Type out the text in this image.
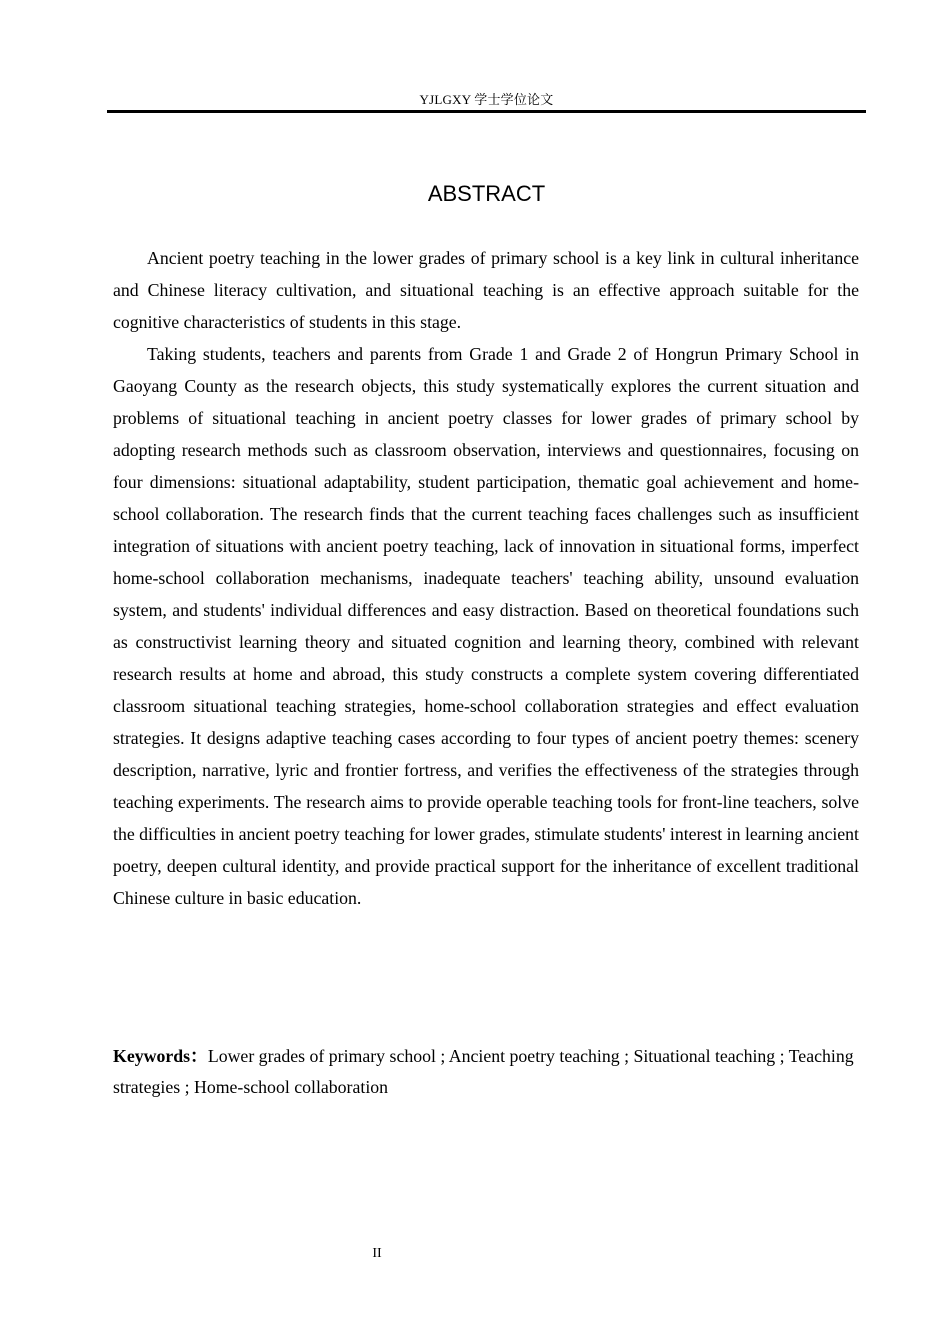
YJLGXY 学士学位论文
ABSTRACT

Ancient poetry teaching in the lower grades of primary school is a key link in cultural inheritance and Chinese literacy cultivation, and situational teaching is an effective approach suitable for the cognitive characteristics of students in this stage.

Taking students, teachers and parents from Grade 1 and Grade 2 of Hongrun Primary School in Gaoyang County as the research objects, this study systematically explores the current situation and problems of situational teaching in ancient poetry classes for lower grades of primary school by adopting research methods such as classroom observation, interviews and questionnaires, focusing on four dimensions: situational adaptability, student participation, thematic goal achievement and home-school collaboration. The research finds that the current teaching faces challenges such as insufficient integration of situations with ancient poetry teaching, lack of innovation in situational forms, imperfect home-school collaboration mechanisms, inadequate teachers' teaching ability, unsound evaluation system, and students' individual differences and easy distraction. Based on theoretical foundations such as constructivist learning theory and situated cognition and learning theory, combined with relevant research results at home and abroad, this study constructs a complete system covering differentiated classroom situational teaching strategies, home-school collaboration strategies and effect evaluation strategies. It designs adaptive teaching cases according to four types of ancient poetry themes: scenery description, narrative, lyric and frontier fortress, and verifies the effectiveness of the strategies through teaching experiments. The research aims to provide operable teaching tools for front-line teachers, solve the difficulties in ancient poetry teaching for lower grades, stimulate students' interest in learning ancient poetry, deepen cultural identity, and provide practical support for the inheritance of excellent traditional Chinese culture in basic education.

Keywords：Lower grades of primary school ; Ancient poetry teaching ; Situational teaching ; Teaching strategies ; Home-school collaboration

II
